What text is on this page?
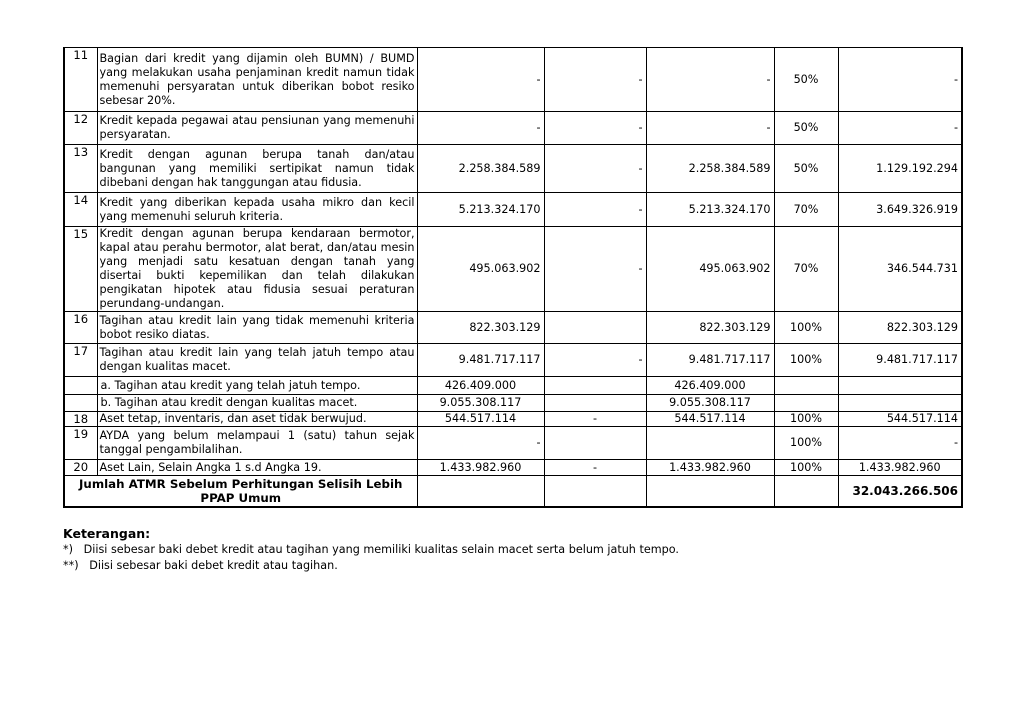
11	Bagian dari kredit yang dijamin oleh BUMN) / BUMD yang melakukan usaha penjaminan kredit namun tidak memenuhi persyaratan untuk diberikan bobot resiko sebesar 20%.	-	-	-	50%	-
12	Kredit kepada pegawai atau pensiunan yang memenuhi persyaratan.	-	-	-	50%	-
13	Kredit dengan agunan berupa tanah dan/atau bangunan yang memiliki sertipikat namun tidak dibebani dengan hak tanggungan atau fidusia.	2.258.384.589	-	2.258.384.589	50%	1.129.192.294
14	Kredit yang diberikan kepada usaha mikro dan kecil yang memenuhi seluruh kriteria.	5.213.324.170	-	5.213.324.170	70%	3.649.326.919
15	Kredit dengan agunan berupa kendaraan bermotor, kapal atau perahu bermotor, alat berat, dan/atau mesin yang menjadi satu kesatuan dengan tanah yang disertai bukti kepemilikan dan telah dilakukan pengikatan hipotek atau fidusia sesuai peraturan perundang-undangan.	495.063.902	-	495.063.902	70%	346.544.731
16	Tagihan atau kredit lain yang tidak memenuhi kriteria bobot resiko diatas.	822.303.129		822.303.129	100%	822.303.129
17	Tagihan atau kredit lain yang telah jatuh tempo atau dengan kualitas macet.	9.481.717.117	-	9.481.717.117	100%	9.481.717.117
	a. Tagihan atau kredit yang telah jatuh tempo.	426.409.000		426.409.000		
	b. Tagihan atau kredit dengan kualitas macet.	9.055.308.117		9.055.308.117		
18	Aset tetap, inventaris, dan aset tidak berwujud.	544.517.114	-	544.517.114	100%	544.517.114
19	AYDA yang belum melampaui 1 (satu) tahun sejak tanggal pengambilalihan.	-			100%	-
20	Aset Lain, Selain Angka 1 s.d Angka 19.	1.433.982.960	-	1.433.982.960	100%	1.433.982.960
Jumlah ATMR Sebelum Perhitungan Selisih Lebih PPAP Umum						32.043.266.506
Keterangan:
*)   Diisi sebesar baki debet kredit atau tagihan yang memiliki kualitas selain macet serta belum jatuh tempo.
**)   Diisi sebesar baki debet kredit atau tagihan.
